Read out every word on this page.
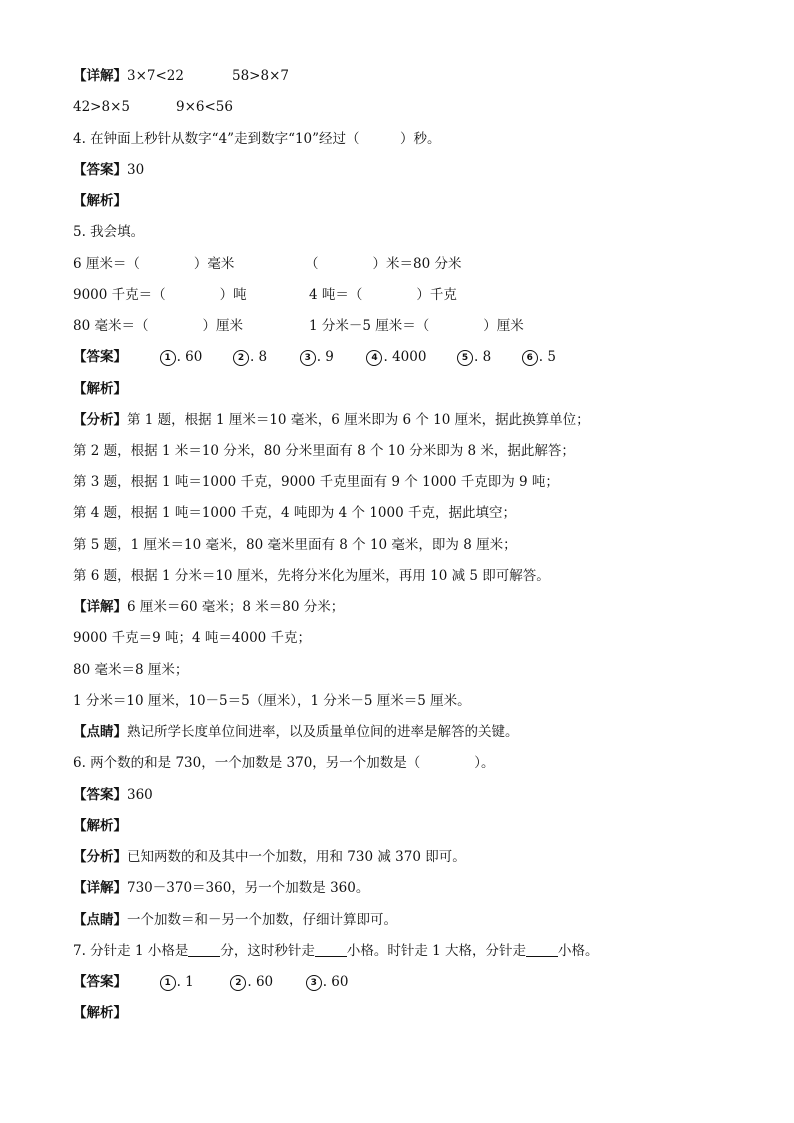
【详解】3×7<22	58>8×7
42>8×5	9×6<56
4. 在钟面上秒针从数字“4”走到数字“10”经过（　　　）秒。
【答案】30
【解析】
5. 我会填。
6 厘米＝（　　　　）毫米	（　　　　）米＝80 分米
9000 千克＝（　　　　）吨	4 吨＝（　　　　）千克
80 毫米＝（　　　　）厘米	1 分米－5 厘米＝（　　　　）厘米
【答案】	1 . 60	2 . 8	3 . 9	4 . 4000	5 . 8	6 . 5
【解析】
【分析】第 1 题，根据 1 厘米＝10 毫米，6 厘米即为 6 个 10 厘米，据此换算单位；
第 2 题，根据 1 米＝10 分米，80 分米里面有 8 个 10 分米即为 8 米，据此解答；
第 3 题，根据 1 吨＝1000 千克，9000 千克里面有 9 个 1000 千克即为 9 吨；
第 4 题，根据 1 吨＝1000 千克，4 吨即为 4 个 1000 千克，据此填空；
第 5 题，1 厘米＝10 毫米，80 毫米里面有 8 个 10 毫米，即为 8 厘米；
第 6 题，根据 1 分米＝10 厘米，先将分米化为厘米，再用 10 减 5 即可解答。
【详解】6 厘米＝60 毫米；8 米＝80 分米；
9000 千克＝9 吨；4 吨＝4000 千克；
80 毫米＝8 厘米；
1 分米＝10 厘米，10－5＝5（厘米），1 分米－5 厘米＝5 厘米。
【点睛】熟记所学长度单位间进率，以及质量单位间的进率是解答的关键。
6. 两个数的和是 730，一个加数是 370，另一个加数是（　　　　）。
【答案】360
【解析】
【分析】已知两数的和及其中一个加数，用和 730 减 370 即可。
【详解】730－370＝360，另一个加数是 360。
【点睛】一个加数＝和－另一个加数，仔细计算即可。
7. 分针走 1 小格是 分，这时秒针走 小格。时针走 1 大格，分针走 小格。
【答案】	1 . 1	2 . 60	3 . 60
【解析】
